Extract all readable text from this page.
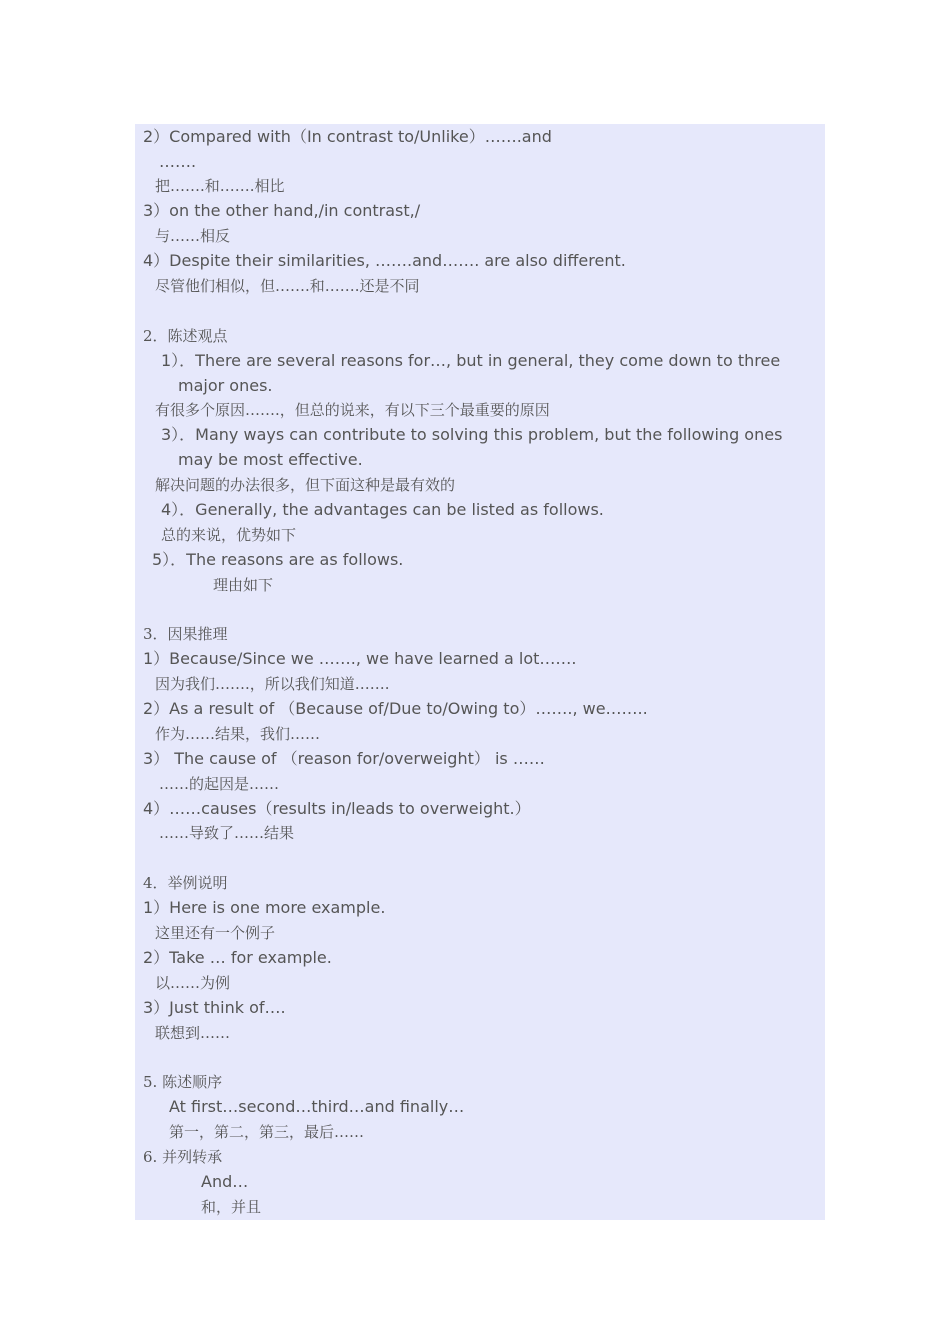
2）Compared with（In contrast to/Unlike）…….and
…….
把…….和…….相比
3）on the other hand,/in contrast,/
与……相反
4）Despite their similarities, …….and……. are also different.
尽管他们相似，但…….和…….还是不同
2．陈述观点
1）．There are several reasons for…, but in general, they come down to three
major ones.
有很多个原因…….，但总的说来，有以下三个最重要的原因
3）．Many ways can contribute to solving this problem, but the following ones
may be most effective.
解决问题的办法很多，但下面这种是最有效的
4）．Generally, the advantages can be listed as follows.
总的来说，优势如下
5）．The reasons are as follows.
理由如下
3．因果推理
1）Because/Since we ……., we have learned a lot…….
因为我们…….，所以我们知道…….
2）As a result of （Because of/Due to/Owing to）……., we……..
作为……结果，我们……
3） The cause of （reason for/overweight） is ……
……的起因是……
4）……causes（results in/leads to overweight.）
……导致了……结果
4．举例说明
1）Here is one more example.
这里还有一个例子
2）Take … for example.
以……为例
3）Just think of….
联想到……
5. 陈述顺序
At first…second…third…and finally…
第一，第二，第三，最后……
6. 并列转承
And…
和，并且
